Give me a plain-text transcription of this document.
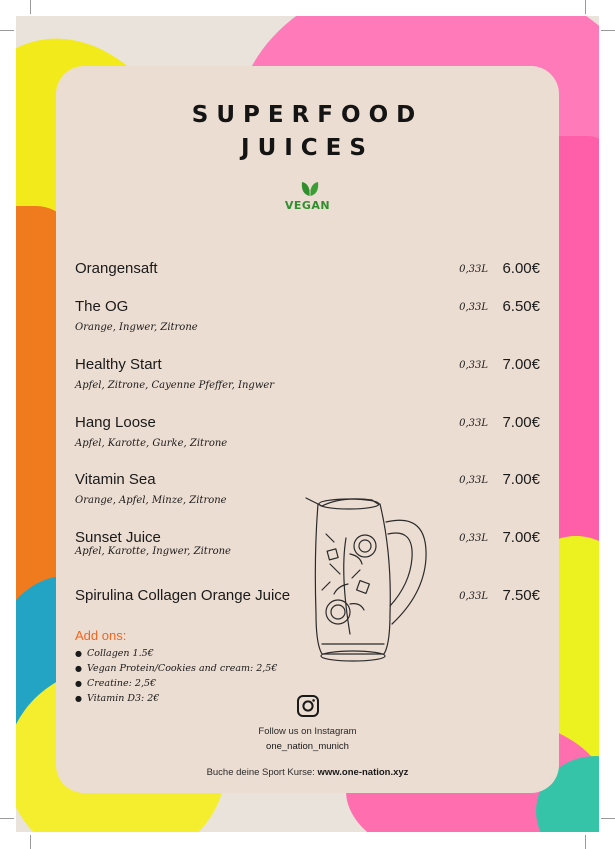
SUPERFOOD
JUICES
VEGAN
Orangensaft	0,33L 6.00€
The OG
Orange, Ingwer, Zitrone
0,33L 6.50€
Healthy Start
Apfel, Zitrone, Cayenne Pfeffer, Ingwer
0,33L 7.00€
Hang Loose
Apfel, Karotte, Gurke, Zitrone
0,33L 7.00€
Vitamin Sea
Orange, Apfel, Minze, Zitrone
0,33L 7.00€
Sunset Juice
Apfel, Karotte, Ingwer, Zitrone
0,33L 7.00€
Spirulina Collagen Orange Juice	0,33L 7.50€
Add ons:
● Collagen 1.5€
● Vegan Protein/Cookies and cream: 2,5€
● Creatine: 2,5€
● Vitamin D3: 2€
Follow us on Instagram
one_nation_munich
Buche deine Sport Kurse: www.one-nation.xyz
